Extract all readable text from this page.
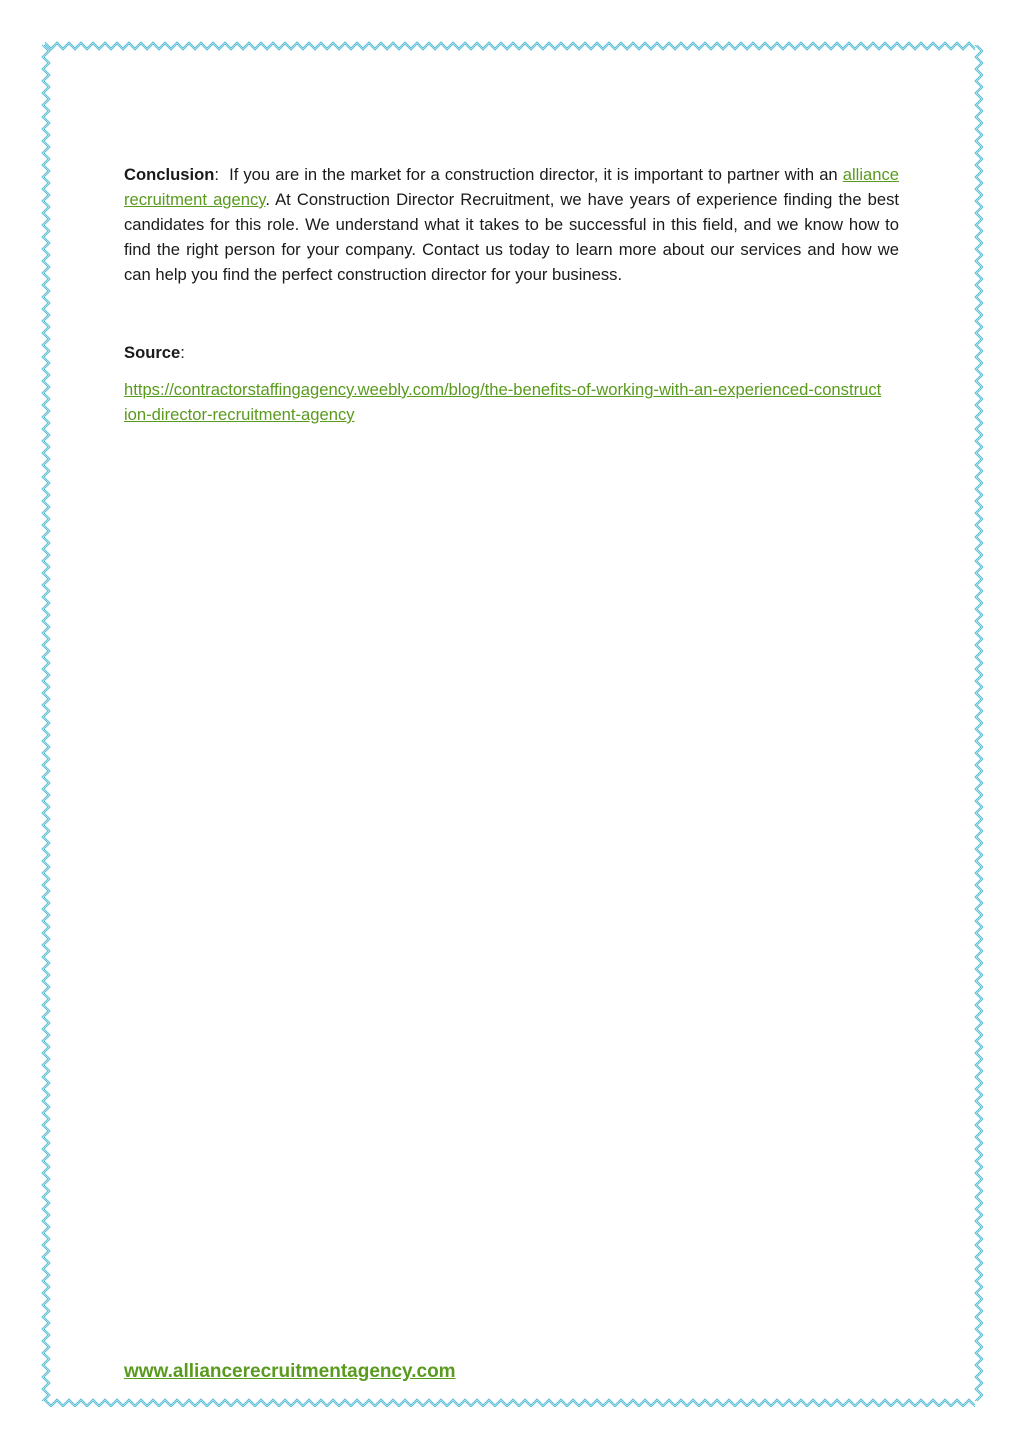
Conclusion:  If you are in the market for a construction director, it is important to partner with an alliance recruitment agency. At Construction Director Recruitment, we have years of experience finding the best candidates for this role. We understand what it takes to be successful in this field, and we know how to find the right person for your company. Contact us today to learn more about our services and how we can help you find the perfect construction director for your business.

Source:

https://contractorstaffingagency.weebly.com/blog/the-benefits-of-working-with-an-experienced-construction-director-recruitment-agency
www.alliancerecruitmentagency.com
